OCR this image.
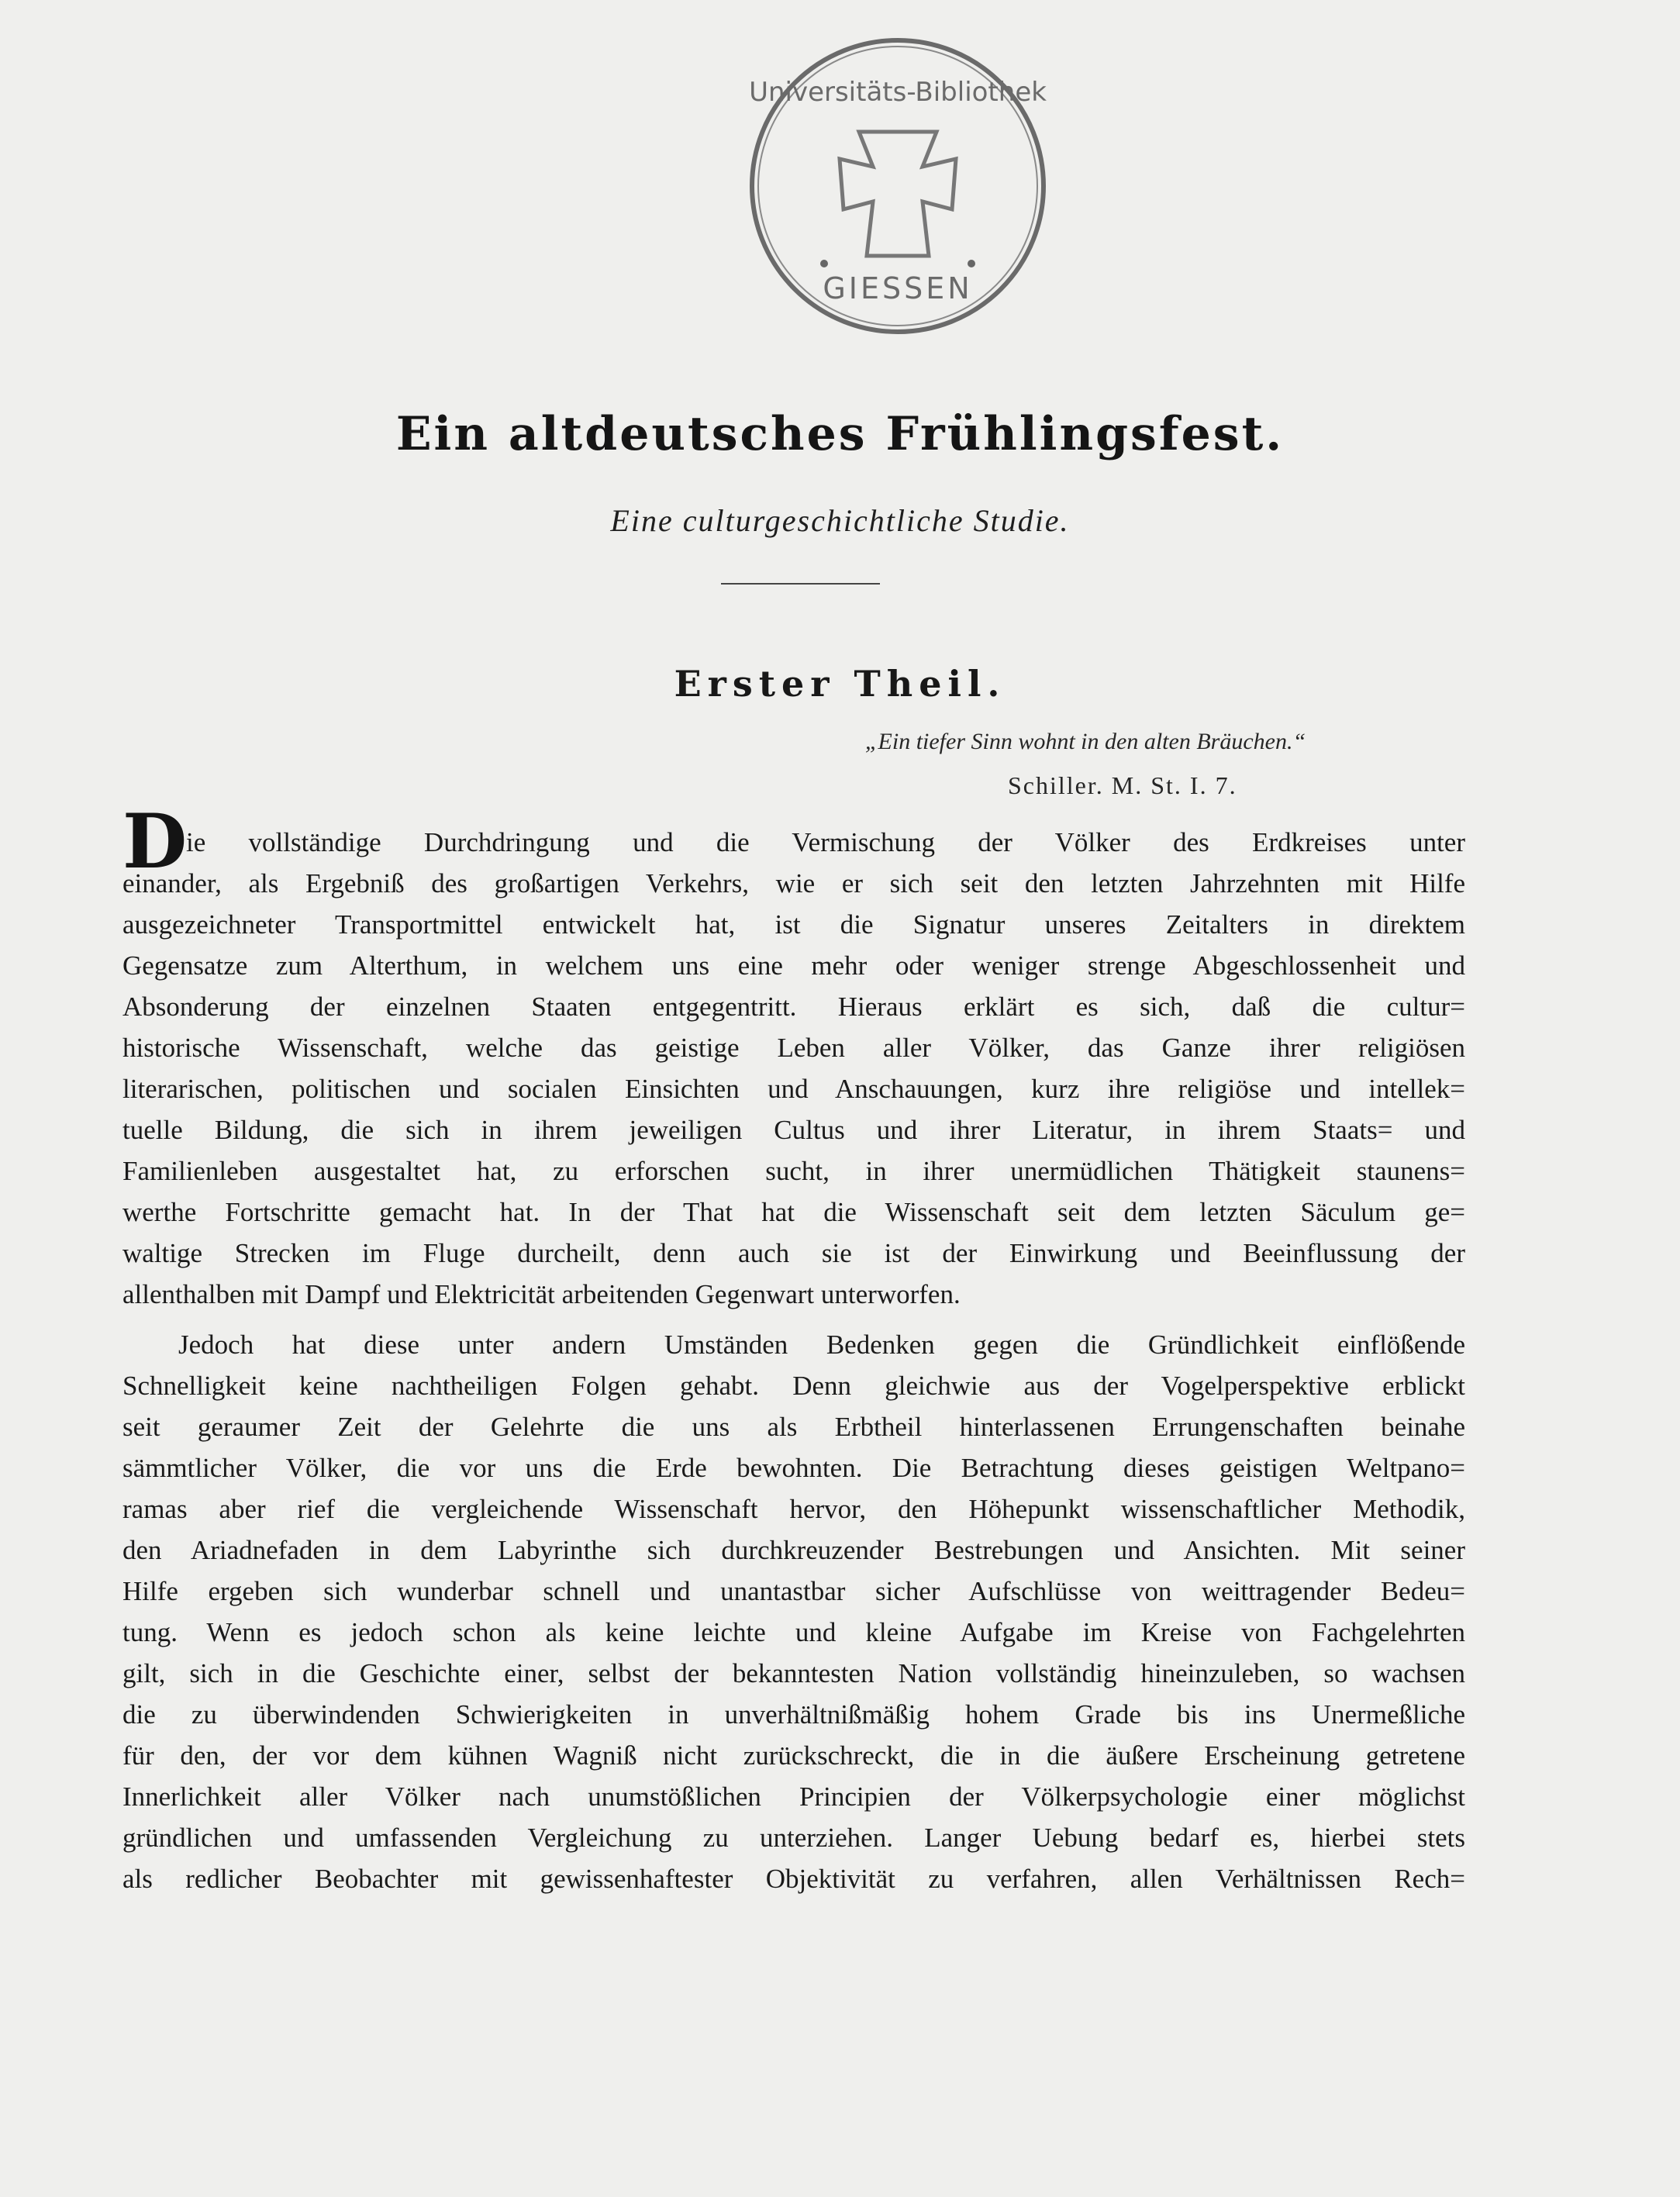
Universitäts-Bibliothek
GIESSEN
Ein altdeutsches Frühlingsfest.
Eine culturgeschichtliche Studie.
Erster Theil.
„Ein tiefer Sinn wohnt in den alten Bräuchen.“
Schiller. M. St. I. 7.
D
ie vollständige Durchdringung und die Vermischung der Völker des Erdkreises unter
einander, als Ergebniß des großartigen Verkehrs, wie er sich seit den letzten Jahrzehnten mit Hilfe
ausgezeichneter Transportmittel entwickelt hat, ist die Signatur unseres Zeitalters in direktem
Gegensatze zum Alterthum, in welchem uns eine mehr oder weniger strenge Abgeschlossenheit und
Absonderung der einzelnen Staaten entgegentritt. Hieraus erklärt es sich, daß die cultur=
historische Wissenschaft, welche das geistige Leben aller Völker, das Ganze ihrer religiösen
literarischen, politischen und socialen Einsichten und Anschauungen, kurz ihre religiöse und intellek=
tuelle Bildung, die sich in ihrem jeweiligen Cultus und ihrer Literatur, in ihrem Staats= und
Familienleben ausgestaltet hat, zu erforschen sucht, in ihrer unermüdlichen Thätigkeit staunens=
werthe Fortschritte gemacht hat. In der That hat die Wissenschaft seit dem letzten Säculum ge=
waltige Strecken im Fluge durcheilt, denn auch sie ist der Einwirkung und Beeinflussung der
allenthalben mit Dampf und Elektricität arbeitenden Gegenwart unterworfen.
Jedoch hat diese unter andern Umständen Bedenken gegen die Gründlichkeit einflößende
Schnelligkeit keine nachtheiligen Folgen gehabt. Denn gleichwie aus der Vogelperspektive erblickt
seit geraumer Zeit der Gelehrte die uns als Erbtheil hinterlassenen Errungenschaften beinahe
sämmtlicher Völker, die vor uns die Erde bewohnten. Die Betrachtung dieses geistigen Weltpano=
ramas aber rief die vergleichende Wissenschaft hervor, den Höhepunkt wissenschaftlicher Methodik,
den Ariadnefaden in dem Labyrinthe sich durchkreuzender Bestrebungen und Ansichten. Mit seiner
Hilfe ergeben sich wunderbar schnell und unantastbar sicher Aufschlüsse von weittragender Bedeu=
tung. Wenn es jedoch schon als keine leichte und kleine Aufgabe im Kreise von Fachgelehrten
gilt, sich in die Geschichte einer, selbst der bekanntesten Nation vollständig hineinzuleben, so wachsen
die zu überwindenden Schwierigkeiten in unverhältnißmäßig hohem Grade bis ins Unermeßliche
für den, der vor dem kühnen Wagniß nicht zurückschreckt, die in die äußere Erscheinung getretene
Innerlichkeit aller Völker nach unumstößlichen Principien der Völkerpsychologie einer möglichst
gründlichen und umfassenden Vergleichung zu unterziehen. Langer Uebung bedarf es, hierbei stets
als redlicher Beobachter mit gewissenhaftester Objektivität zu verfahren, allen Verhältnissen Rech=
